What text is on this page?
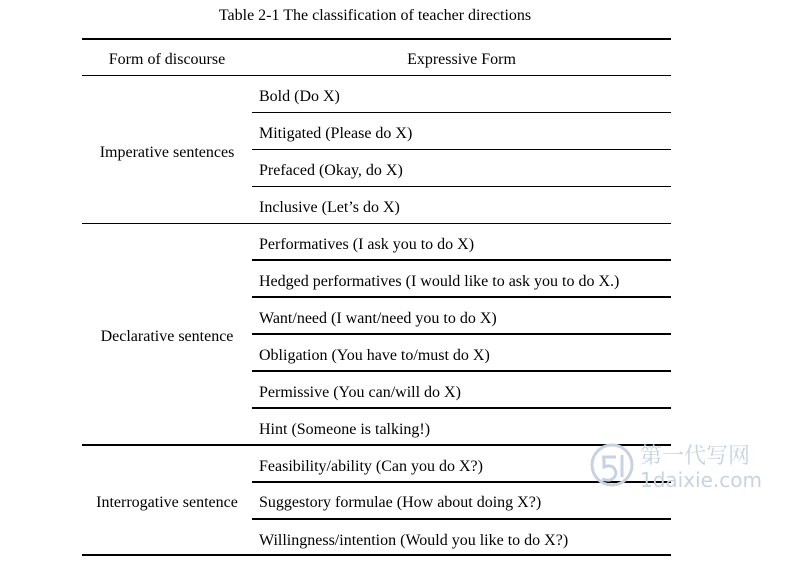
Table 2-1 The classification of teacher directions
Form of discourse	Expressive Form
Imperative sentences
Bold (Do X)
Mitigated (Please do X)
Prefaced (Okay, do X)
Inclusive (Let’s do X)
Declarative sentence
Performatives (I ask you to do X)
Hedged performatives (I would like to ask you to do X.)
Want/need (I want/need you to do X)
Obligation (You have to/must do X)
Permissive (You can/will do X)
Hint (Someone is talking!)
Interrogative sentence
Feasibility/ability (Can you do X?)
Suggestory formulae (How about doing X?)
Willingness/intention (Would you like to do X?)
第一代写网
1daixie.com
